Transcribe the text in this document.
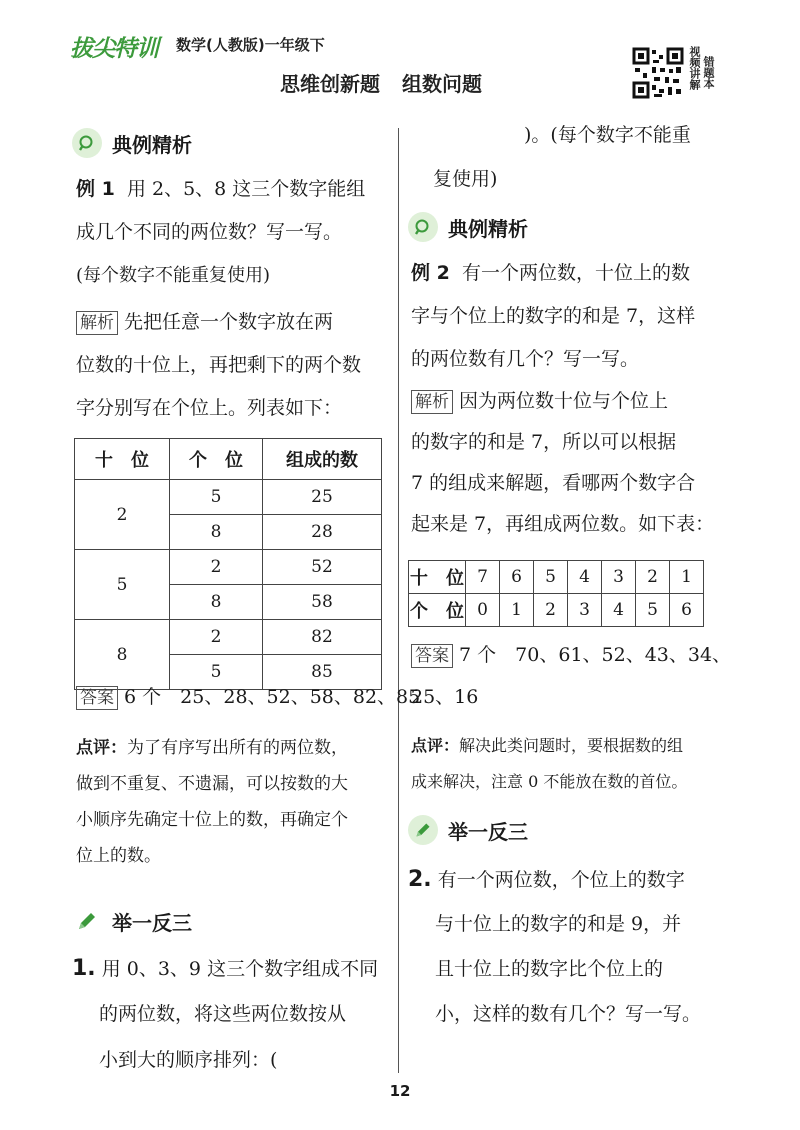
拔尖特训 数学(人教版)一年级下
思维创新题 组数问题	视频讲解 错题本
典例精析
例 1 用 2、5、8 这三个数字能组
成几个不同的两位数？写一写。
(每个数字不能重复使用)
解析 先把任意一个数字放在两
位数的十位上，再把剩下的两个数
字分别写在个位上。列表如下：
十　位	个　位	组成的数
2	5	25
	8	28
5	2	52
	8	58
8	2	82
	5	85
答案 6 个　25、28、52、58、82、85
点评：为了有序写出所有的两位数，
做到不重复、不遗漏，可以按数的大
小顺序先确定十位上的数，再确定个
位上的数。
举一反三
1. 用 0、3、9 这三个数字组成不同
的两位数，将这些两位数按从
小到大的顺序排列：(
)。(每个数字不能重
复使用)
典例精析
例 2 有一个两位数，十位上的数
字与个位上的数字的和是 7，这样
的两位数有几个？写一写。
解析 因为两位数十位与个位上
的数字的和是 7，所以可以根据
7 的组成来解题，看哪两个数字合
起来是 7，再组成两位数。如下表：
十　位	7	6	5	4	3	2	1
个　位	0	1	2	3	4	5	6
答案 7 个　70、61、52、43、34、
25、16
点评：解决此类问题时，要根据数的组
成来解决，注意 0 不能放在数的首位。
举一反三
2. 有一个两位数，个位上的数字
与十位上的数字的和是 9，并
且十位上的数字比个位上的
小，这样的数有几个？写一写。
12
